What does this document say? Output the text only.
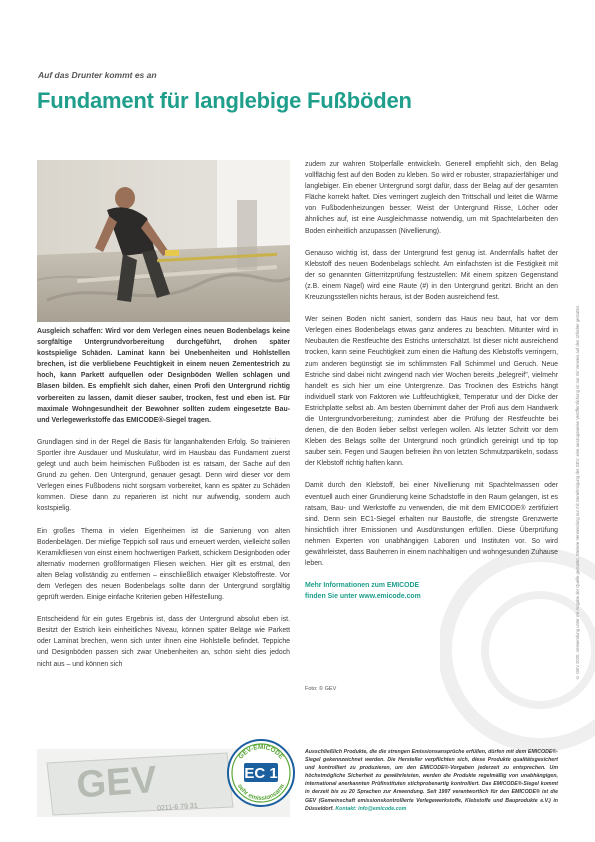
Auf das Drunter kommt es an
Fundament für langlebige Fußböden

Ausgleich schaffen: Wird vor dem Verlegen eines neuen Bodenbelags keine sorgfältige Untergrundvorbereitung durchgeführt, drohen später kostspielige Schäden. Laminat kann bei Unebenheiten und Hohlstellen brechen, ist die verbliebene Feuchtigkeit in einem neuen Zementestrich zu hoch, kann Parkett aufquellen oder Designböden Wellen schlagen und Blasen bilden. Es empfiehlt sich daher, einen Profi den Untergrund richtig vorbereiten zu lassen, damit dieser sauber, trocken, fest und eben ist. Für maximale Wohngesundheit der Bewohner sollten zudem eingesetzte Bau- und Verlegewerkstoffe das EMICODE®-Siegel tragen.

Grundlagen sind in der Regel die Basis für langanhaltenden Erfolg. So trainieren Sportler ihre Ausdauer und Muskulatur, wird im Hausbau das Fundament zuerst gelegt und auch beim heimischen Fußboden ist es ratsam, der Sache auf den Grund zu gehen. Den Untergrund, genauer gesagt. Denn wird dieser vor dem Verlegen eines Fußbodens nicht sorgsam vorbereitet, kann es später zu Schäden kommen. Diese dann zu reparieren ist nicht nur aufwendig, sondern auch kostspielig.

Ein großes Thema in vielen Eigenheimen ist die Sanierung von alten Bodenbelägen. Der miefige Teppich soll raus und erneuert werden, vielleicht sollen Keramikfliesen von einst einem hochwertigen Parkett, schickem Designboden oder alternativ modernen großformatigen Fliesen weichen. Hier gilt es erstmal, den alten Belag vollständig zu entfernen – einschließlich etwaiger Klebstoffreste. Vor dem Verlegen des neuen Bodenbelags sollte dann der Untergrund sorgfältig geprüft werden. Einige einfache Kriterien geben Hilfestellung.

Entscheidend für ein gutes Ergebnis ist, dass der Untergrund absolut eben ist. Besitzt der Estrich kein einheitliches Niveau, können später Beläge wie Parkett oder Laminat brechen, wenn sich unter ihnen eine Hohlstelle befindet. Teppiche und Designböden passen sich zwar Unebenheiten an, schön sieht dies jedoch nicht aus – und können sich

zudem zur wahren Stolperfalle entwickeln. Generell empfiehlt sich, den Belag vollflächig fest auf den Boden zu kleben. So wird er robuster, strapazierfähiger und langlebiger. Ein ebener Untergrund sorgt dafür, dass der Belag auf der gesamten Fläche korrekt haftet. Dies verringert zugleich den Trittschall und leitet die Wärme von Fußbodenheizungen besser. Weist der Untergrund Risse, Löcher oder ähnliches auf, ist eine Ausgleichmasse notwendig, um mit Spachtelarbeiten den Boden einheitlich anzupassen (Nivellierung).

Genauso wichtig ist, dass der Untergrund fest genug ist. Andernfalls haftet der Klebstoff des neuen Bodenbelags schlecht. Am einfachsten ist die Festigkeit mit der so genannten Gitterritzprüfung festzustellen: Mit einem spitzen Gegenstand (z.B. einem Nagel) wird eine Raute (#) in den Untergrund geritzt. Bricht an den Kreuzungsstellen nichts heraus, ist der Boden ausreichend fest.

Wer seinen Boden nicht saniert, sondern das Haus neu baut, hat vor dem Verlegen eines Bodenbelags etwas ganz anderes zu beachten. Mitunter wird in Neubauten die Restfeuchte des Estrichs unterschätzt. Ist dieser nicht ausreichend trocken, kann seine Feuchtigkeit zum einen die Haftung des Klebstoffs verringern, zum anderen begünstigt sie im schlimmsten Fall Schimmel und Geruch. Neue Estriche sind dabei nicht zwingend nach vier Wochen bereits „belegreif", vielmehr handelt es sich hier um eine Untergrenze. Das Trocknen des Estrichs hängt individuell stark von Faktoren wie Luftfeuchtigkeit, Temperatur und der Dicke der Estrichplatte selbst ab. Am besten übernimmt daher der Profi aus dem Handwerk die Untergrundvorbereitung; zumindest aber die Prüfung der Restfeuchte bei denen, die den Boden lieber selbst verlegen wollen. Als letzter Schritt vor dem Kleben des Belags sollte der Untergrund noch gründlich gereinigt und tip top sauber sein. Fegen und Saugen befreien ihn von letzten Schmutzpartikeln, sodass der Klebstoff richtig haften kann.

Damit durch den Klebstoff, bei einer Nivellierung mit Spachtelmassen oder eventuell auch einer Grundierung keine Schadstoffe in den Raum gelangen, ist es ratsam, Bau- und Werkstoffe zu verwenden, die mit dem EMICODE® zertifiziert sind. Denn sein EC1-Siegel erhalten nur Baustoffe, die strengste Grenzwerte hinsichtlich ihrer Emissionen und Ausdünstungen erfüllen. Diese Überprüfung nehmen Experten von unabhängigen Laboren und Instituten vor. So wird gewährleistet, dass Bauherren in einem nachhaltigen und wohngesunden Zuhause leben.

Mehr Informationen zum EMICODE
finden Sie unter www.emicode.com
Foto: © GEV
© GEV 2020, Verwendung unter mit Angabe der Quelle gestattet. Weitere Verwendung nur mit Genehmigung der GEV; eine auszugsweise Veröffentlichung ist nur mit Verweis auf den Urheber gestattet.
GEV
0211-6 79 31
GEV-EMICODE
EC 1
sehr emissionsarm
Ausschließlich Produkte, die die strengen Emissionsansprüche erfüllen, dürfen mit dem EMICODE®-Siegel gekennzeichnet werden. Die Hersteller verpflichten sich, diese Produkte qualitätsgesichert und kontrolliert zu produzieren, um den EMICODE®-Vorgaben jederzeit zu entsprechen. Um höchstmögliche Sicherheit zu gewährleisten, werden die Produkte regelmäßig von unabhängigen, international anerkannten Prüfinstituten stichprobenartig kontrolliert. Das EMICODE®-Siegel kommt in derzeit bis zu 20 Sprachen zur Anwendung. Seit 1997 verantwortlich für den EMICODE® ist die GEV (Gemeinschaft emissionskontrollierte Verlegewerkstoffe, Klebstoffe und Bauprodukte e.V.) in Düsseldorf. Kontakt: info@emicode.com
